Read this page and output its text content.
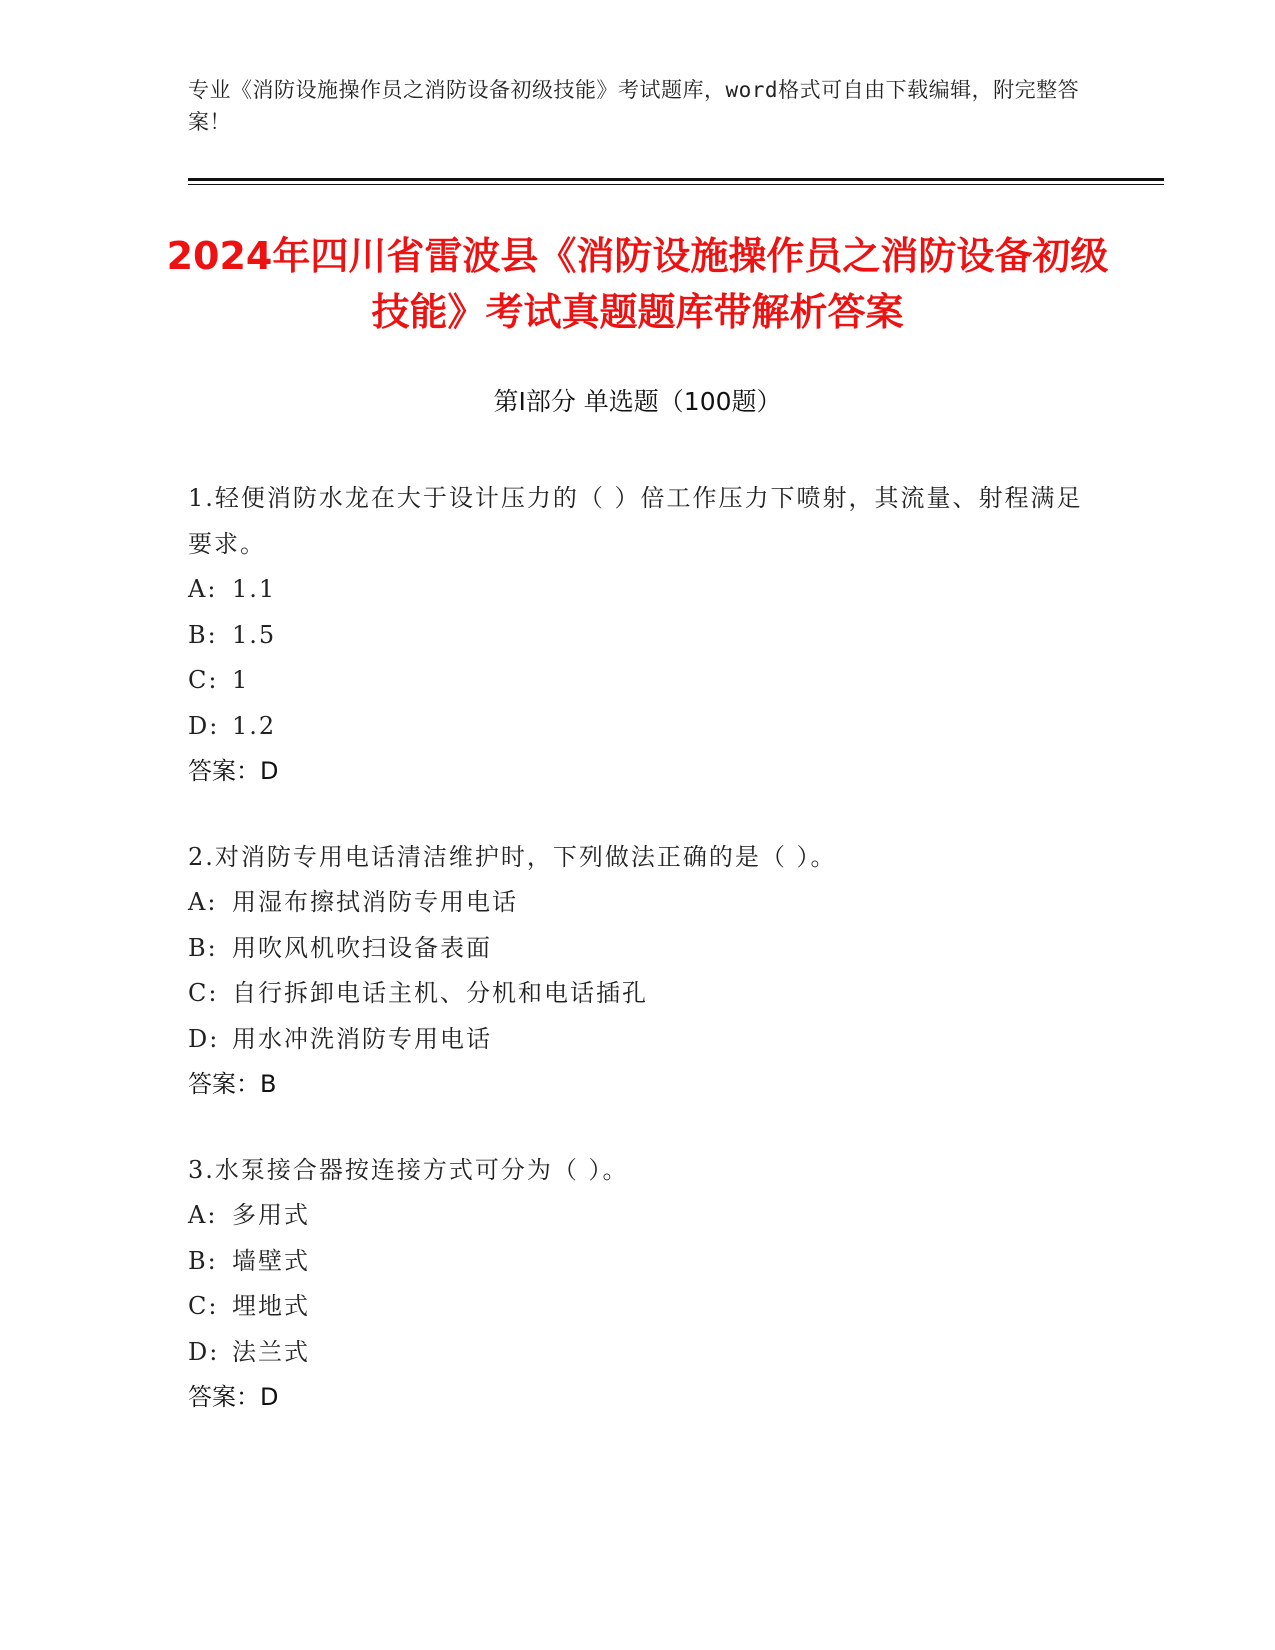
专业《消防设施操作员之消防设备初级技能》考试题库，word格式可自由下载编辑，附完整答案！
2024年四川省雷波县《消防设施操作员之消防设备初级技能》考试真题题库带解析答案
第Ⅰ部分 单选题（100题）
1.轻便消防水龙在大于设计压力的（ ）倍工作压力下喷射，其流量、射程满足要求。
A: 1.1
B: 1.5
C: 1
D: 1.2
答案：D
2.对消防专用电话清洁维护时，下列做法正确的是（ ）。
A: 用湿布擦拭消防专用电话
B: 用吹风机吹扫设备表面
C: 自行拆卸电话主机、分机和电话插孔
D: 用水冲洗消防专用电话
答案：B
3.水泵接合器按连接方式可分为（ ）。
A: 多用式
B: 墙壁式
C: 埋地式
D: 法兰式
答案：D
